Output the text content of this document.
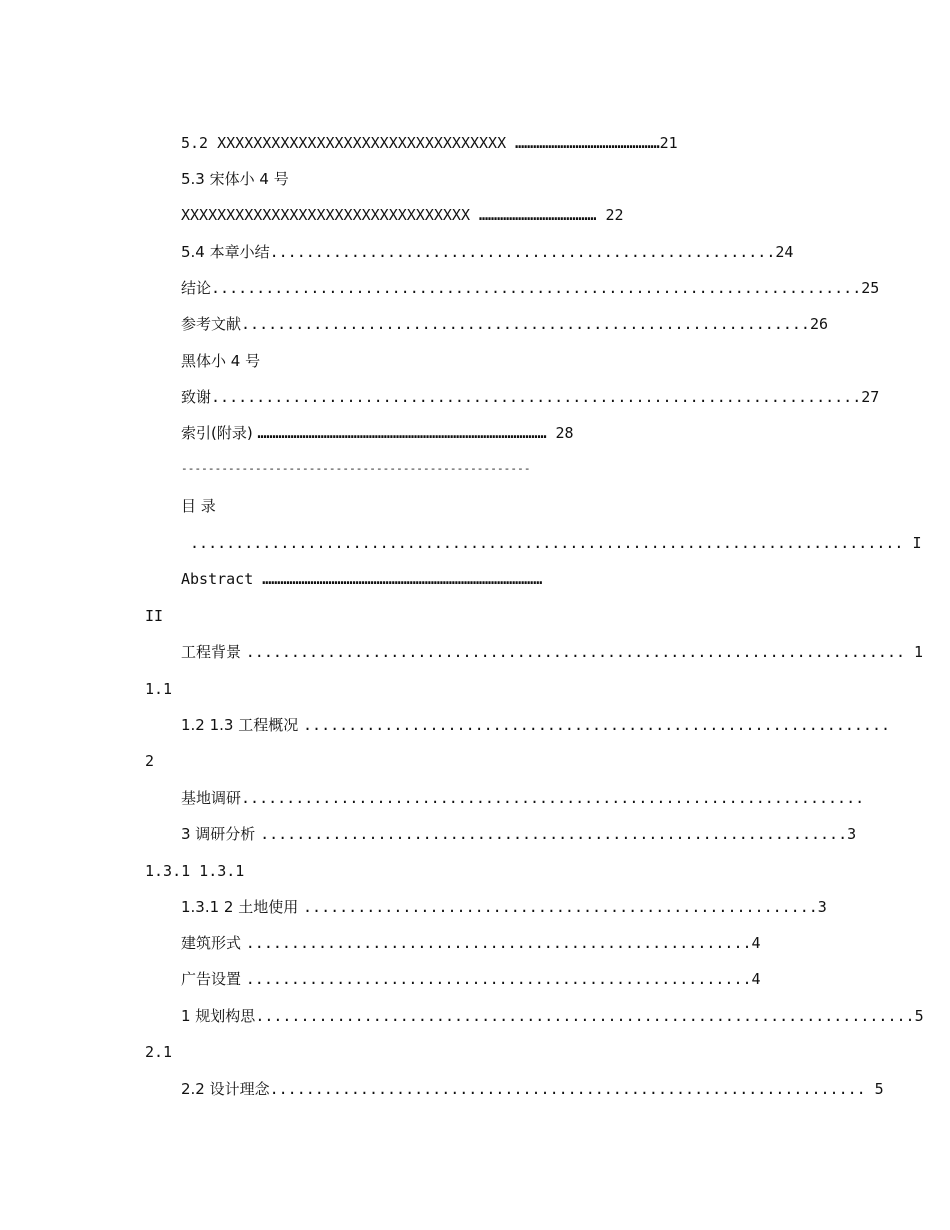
5.2 XXXXXXXXXXXXXXXXXXXXXXXXXXXXXXXX …………………………………………21
5.3 宋体小 4 号
XXXXXXXXXXXXXXXXXXXXXXXXXXXXXXXX ………………………………… 22
5.4 本章小结........................................................24
结论........................................................................25
参考文献...............................................................26
黑体小 4 号
致谢........................................................................27
索引(附录) …………………………………………………………………………………… 28
----------------------------------------------------
目 录
............................................................................... I
Abstract …………………………………………………………………………………
II
工程背景 ......................................................................... 1
1.1
1.2 1.3 工程概况 .................................................................
2
基地调研.....................................................................
3 调研分析 .................................................................3
1.3.1 1.3.1
1.3.1 2 土地使用 .........................................................3
建筑形式 ........................................................4
广告设置 ........................................................4
1 规划构思.........................................................................5
2.1
2.2 设计理念.................................................................. 5
